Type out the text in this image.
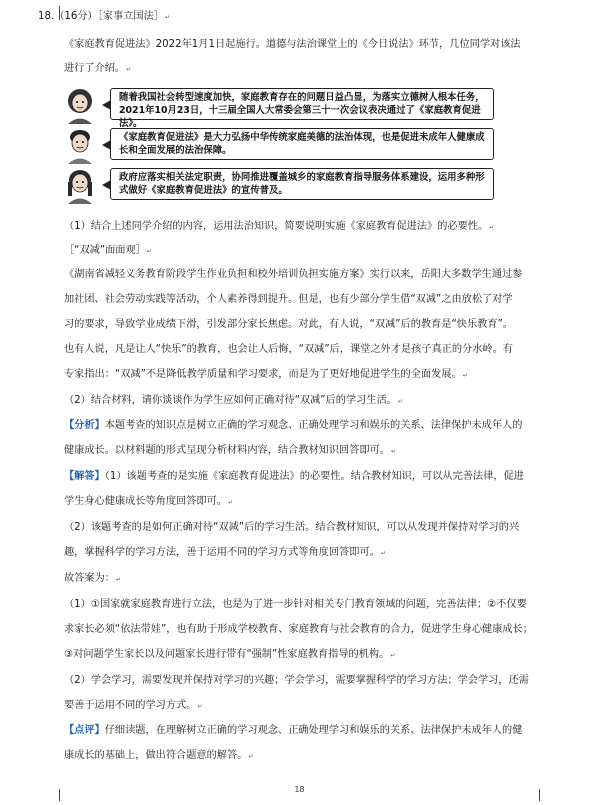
18.（16分）［家事立国法］↵
《家庭教育促进法》2022年1月1日起施行。道德与法治课堂上的《今日说法》环节，几位同学对该法
进行了介绍。↵
随着我国社会转型速度加快，家庭教育存在的问题日益凸显，为落实立德树人根本任务，2021年10月23日，十三届全国人大常委会第三十一次会议表决通过了《家庭教育促进法》。
《家庭教育促进法》是大力弘扬中华传统家庭美德的法治体现，也是促进未成年人健康成长和全面发展的法治保障。
政府应落实相关法定职责，协同推进覆盖城乡的家庭教育指导服务体系建设，运用多种形式做好《家庭教育促进法》的宣传普及。
（1）结合上述同学介绍的内容，运用法治知识，简要说明实施《家庭教育促进法》的必要性。↵
［“双减”面面观］↵
《湖南省减轻义务教育阶段学生作业负担和校外培训负担实施方案》实行以来，岳阳大多数学生通过参
加社团、社会劳动实践等活动，个人素养得到提升。但是，也有少部分学生借“双减”之由放松了对学
习的要求，导致学业成绩下滑，引发部分家长焦虑。对此，有人说，“双减”后的教育是“快乐教育”。
也有人说，凡是让人“快乐”的教育，也会让人后悔，“双减”后，课堂之外才是孩子真正的分水岭。有
专家指出：“双减”不是降低教学质量和学习要求，而是为了更好地促进学生的全面发展。↵
（2）结合材料，请你谈谈作为学生应如何正确对待“双减”后的学习生活。↵
【分析】本题考查的知识点是树立正确的学习观念、正确处理学习和娱乐的关系、法律保护未成年人的
健康成长。以材料题的形式呈现分析材料内容，结合教材知识回答即可。↵
【解答】（1）该题考查的是实施《家庭教育促进法》的必要性。结合教材知识，可以从完善法律，促进
学生身心健康成长等角度回答即可。↵
（2）该题考查的是如何正确对待“双减”后的学习生活。结合教材知识，可以从发现并保持对学习的兴
趣，掌握科学的学习方法，善于运用不同的学习方式等角度回答即可。↵
故答案为：↵
（1）①国家就家庭教育进行立法，也是为了进一步针对相关专门教育领域的问题，完善法律；②不仅要
求家长必须“依法带娃”，也有助于形成学校教育、家庭教育与社会教育的合力，促进学生身心健康成长；
③对问题学生家长以及问题家长进行带有“强制”性家庭教育指导的机构。↵
（2）学会学习，需要发现并保持对学习的兴趣；学会学习，需要掌握科学的学习方法；学会学习，还需
要善于运用不同的学习方式。↵
【点评】仔细读题，在理解树立正确的学习观念、正确处理学习和娱乐的关系、法律保护未成年人的健
康成长的基础上，做出符合题意的解答。↵
18
